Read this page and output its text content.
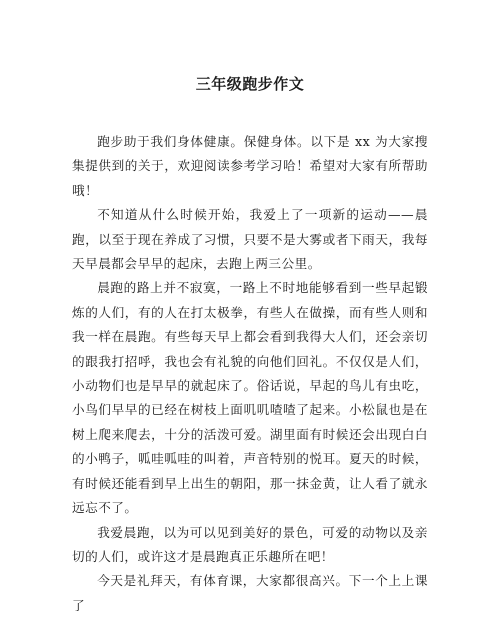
三年级跑步作文

跑步助于我们身体健康。保健身体。以下是 xx 为大家搜集提供到的关于，欢迎阅读参考学习哈！希望对大家有所帮助哦！

不知道从什么时候开始，我爱上了一项新的运动——晨跑，以至于现在养成了习惯，只要不是大雾或者下雨天，我每天早晨都会早早的起床，去跑上两三公里。

晨跑的路上并不寂寞，一路上不时地能够看到一些早起锻炼的人们，有的人在打太极拳，有些人在做操，而有些人则和我一样在晨跑。有些每天早上都会看到我得大人们，还会亲切的跟我打招呼，我也会有礼貌的向他们回礼。不仅仅是人们，小动物们也是早早的就起床了。俗话说，早起的鸟儿有虫吃，小鸟们早早的已经在树枝上面叽叽喳喳了起来。小松鼠也是在树上爬来爬去，十分的活泼可爱。湖里面有时候还会出现白白的小鸭子，呱哇呱哇的叫着，声音特别的悦耳。夏天的时候，有时候还能看到早上出生的朝阳，那一抹金黄，让人看了就永远忘不了。

我爱晨跑，以为可以见到美好的景色，可爱的动物以及亲切的人们，或许这才是晨跑真正乐趣所在吧！

今天是礼拜天，有体育课，大家都很高兴。下一个上上课了
